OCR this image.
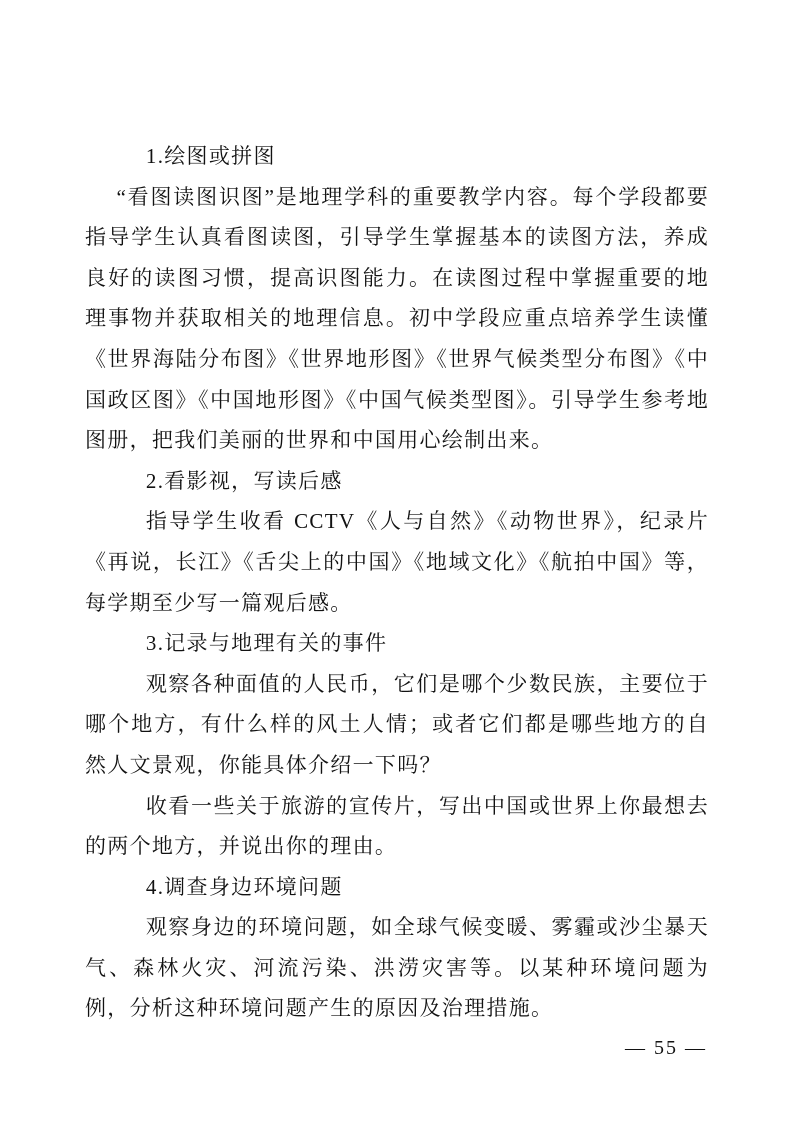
1.绘图或拼图

“看图读图识图”是地理学科的重要教学内容。每个学段都要指导学生认真看图读图，引导学生掌握基本的读图方法，养成良好的读图习惯，提高识图能力。在读图过程中掌握重要的地理事物并获取相关的地理信息。初中学段应重点培养学生读懂《世界海陆分布图》《世界地形图》《世界气候类型分布图》《中国政区图》《中国地形图》《中国气候类型图》。引导学生参考地图册，把我们美丽的世界和中国用心绘制出来。

2.看影视，写读后感

指导学生收看 CCTV《人与自然》《动物世界》，纪录片《再说，长江》《舌尖上的中国》《地域文化》《航拍中国》等，每学期至少写一篇观后感。

3.记录与地理有关的事件

观察各种面值的人民币，它们是哪个少数民族，主要位于哪个地方，有什么样的风土人情；或者它们都是哪些地方的自然人文景观，你能具体介绍一下吗？

收看一些关于旅游的宣传片，写出中国或世界上你最想去的两个地方，并说出你的理由。

4.调查身边环境问题

观察身边的环境问题，如全球气候变暖、雾霾或沙尘暴天气、森林火灾、河流污染、洪涝灾害等。以某种环境问题为例，分析这种环境问题产生的原因及治理措施。

— 55 —
